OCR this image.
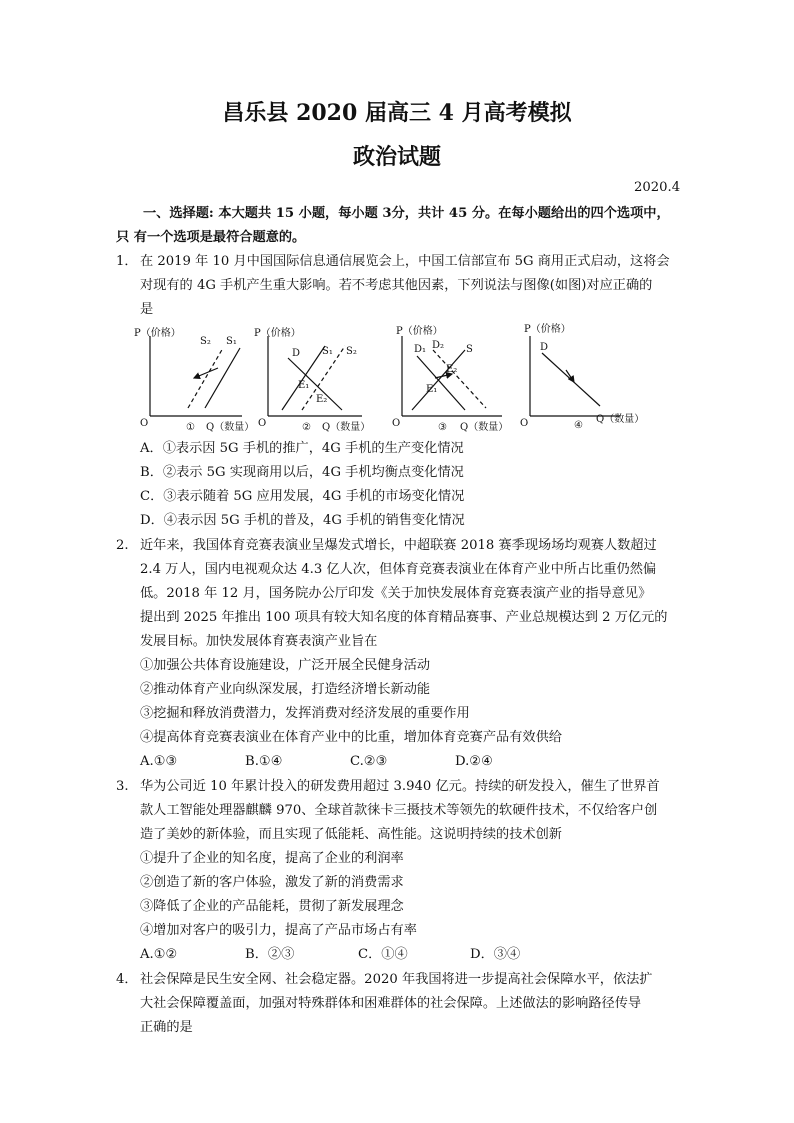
昌乐县 2020 届高三 4 月高考模拟
政治试题
2020.4
一、选择题: 本大题共 15 小题，每小题 3分，共计 45 分。在每小题给出的四个选项中，
只 有一个选项是最符合题意的。
1． 在 2019 年 10 月中国国际信息通信展览会上，中国工信部宣布 5G 商用正式启动，这将会
对现有的 4G 手机产生重大影响。若不考虑其他因素，下列说法与图像(如图)对应正确的
是
P（价格）
O
S₂ S₁
① Q（数量）
P（价格）
O
D S₁ S₂
E₁
E₂
② Q（数量）
P（价格）
O
D₁ D₂ S
E₁
E₂
③ Q（数量）
P（价格）
O
D
④
Q（数量）
A．①表示因 5G 手机的推广，4G 手机的生产变化情况
B．②表示 5G 实现商用以后，4G 手机均衡点变化情况
C．③表示随着 5G 应用发展，4G 手机的市场变化情况
D．④表示因 5G 手机的普及，4G 手机的销售变化情况
2. 近年来，我国体育竞赛表演业呈爆发式增长，中超联赛 2018 赛季现场场均观赛人数超过
2.4 万人，国内电视观众达 4.3 亿人次，但体育竞赛表演业在体育产业中所占比重仍然偏
低。2018 年 12 月，国务院办公厅印发《关于加快发展体育竞赛表演产业的指导意见》
提出到 2025 年推出 100 项具有较大知名度的体育精品赛事、产业总规模达到 2 万亿元的
发展目标。加快发展体育赛表演产业旨在
①加强公共体育设施建设，广泛开展全民健身活动
②推动体育产业向纵深发展，打造经济增长新动能
③挖掘和释放消费潜力，发挥消费对经济发展的重要作用
④提高体育竞赛表演业在体育产业中的比重，增加体育竞赛产品有效供给
A.①③	B.①④	C.②③	D.②④
3. 华为公司近 10 年累计投入的研发费用超过 3.940 亿元。持续的研发投入，催生了世界首
款人工智能处理器麒麟 970、全球首款徕卡三摄技术等领先的软硬件技术，不仅给客户创
造了美妙的新体验，而且实现了低能耗、高性能。这说明持续的技术创新
①提升了企业的知名度，提高了企业的利润率
②创造了新的客户体验，激发了新的消费需求
③降低了企业的产品能耗，贯彻了新发展理念
④增加对客户的吸引力，提高了产品市场占有率
A.①②	B．②③	C．①④	D．③④
4． 社会保障是民生安全网、社会稳定器。2020 年我国将进一步提高社会保障水平，依法扩
大社会保障覆盖面，加强对特殊群体和困难群体的社会保障。上述做法的影响路径传导
正确的是
